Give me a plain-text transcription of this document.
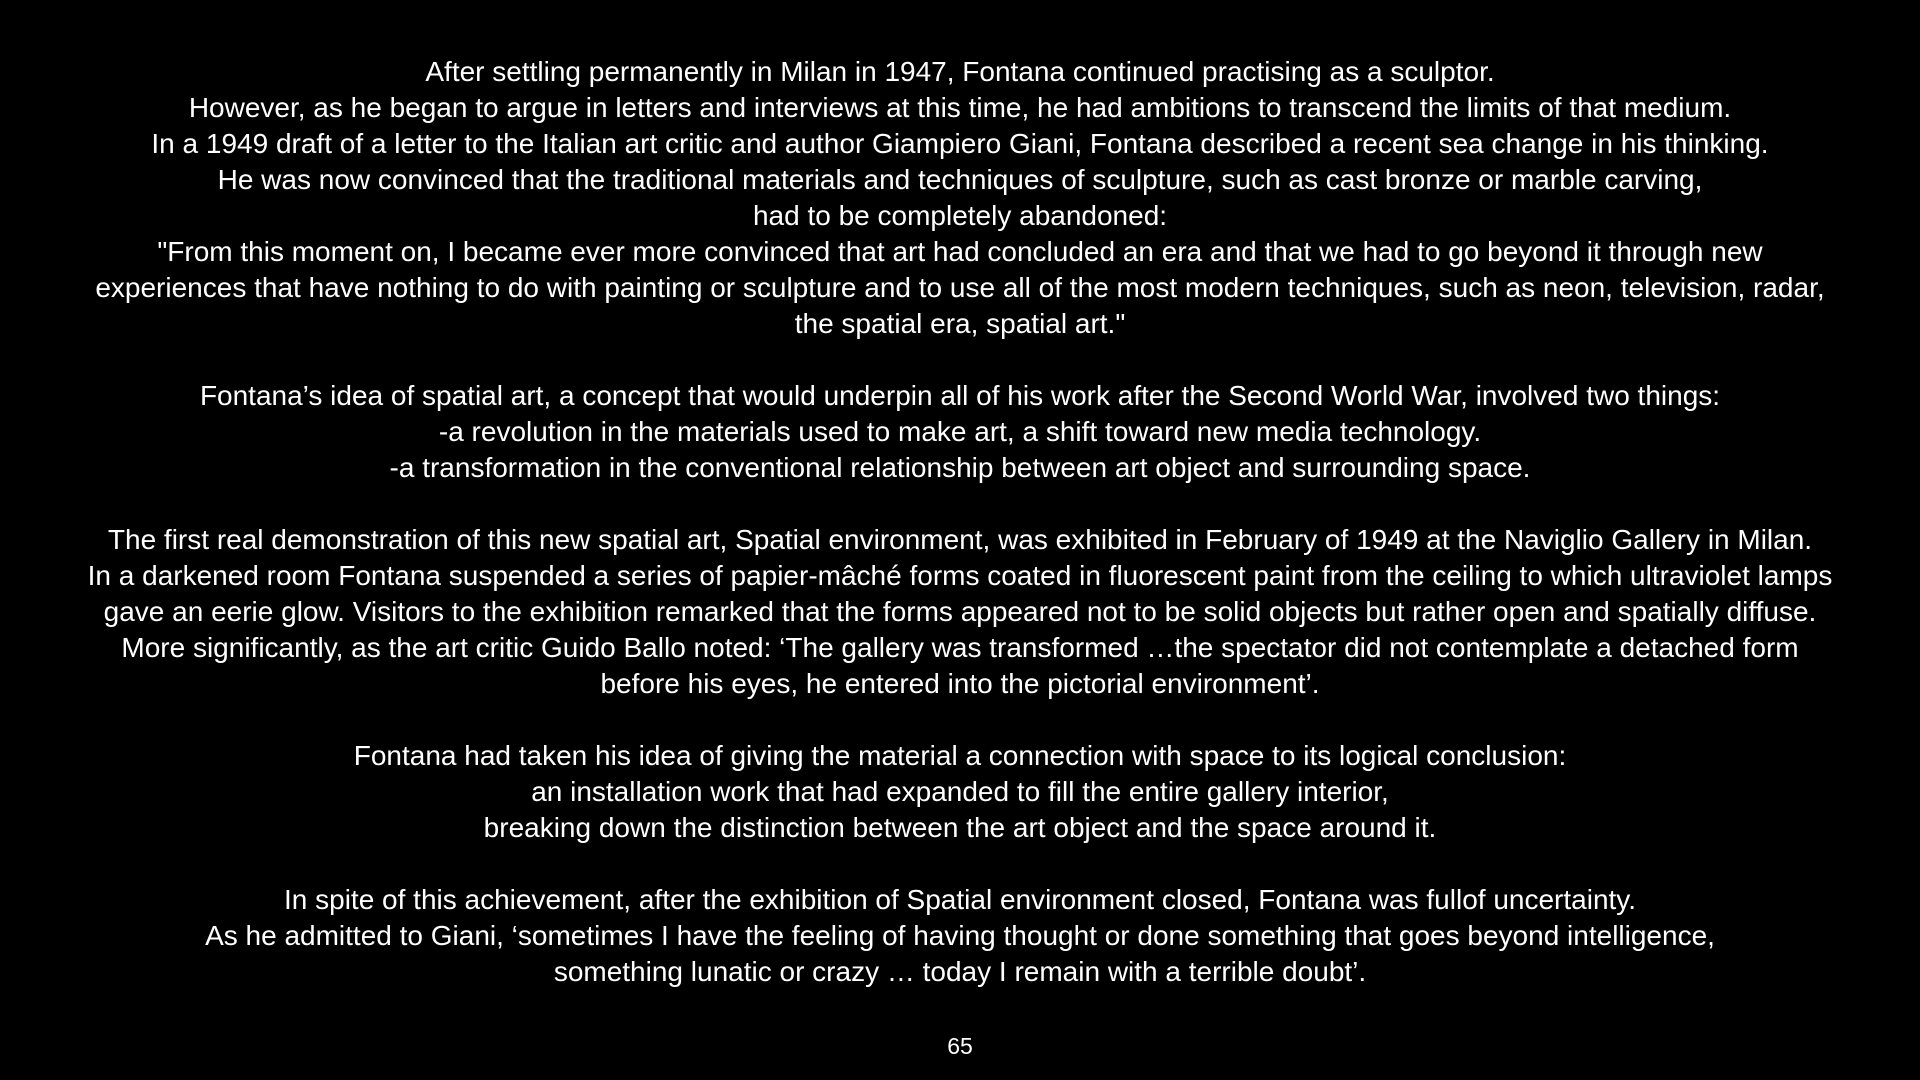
After settling permanently in Milan in 1947, Fontana continued practising as a sculptor.
However, as he began to argue in letters and interviews at this time, he had ambitions to transcend the limits of that medium.
In a 1949 draft of a letter to the Italian art critic and author Giampiero Giani, Fontana described a recent sea change in his thinking.
He was now convinced that the traditional materials and techniques of sculpture, such as cast bronze or marble carving,
had to be completely abandoned:
"From this moment on, I became ever more convinced that art had concluded an era and that we had to go beyond it through new
experiences that have nothing to do with painting or sculpture and to use all of the most modern techniques, such as neon, television, radar,
the spatial era, spatial art."

Fontana’s idea of spatial art, a concept that would underpin all of his work after the Second World War, involved two things:
-a revolution in the materials used to make art, a shift toward new media technology.
-a transformation in the conventional relationship between art object and surrounding space.

The first real demonstration of this new spatial art, Spatial environment, was exhibited in February of 1949 at the Naviglio Gallery in Milan.
In a darkened room Fontana suspended a series of papier-mâché forms coated in fluorescent paint from the ceiling to which ultraviolet lamps
gave an eerie glow. Visitors to the exhibition remarked that the forms appeared not to be solid objects but rather open and spatially diffuse.
More significantly, as the art critic Guido Ballo noted: ‘The gallery was transformed …the spectator did not contemplate a detached form
before his eyes, he entered into the pictorial environment’.

Fontana had taken his idea of giving the material a connection with space to its logical conclusion:
an installation work that had expanded to fill the entire gallery interior,
breaking down the distinction between the art object and the space around it.

In spite of this achievement, after the exhibition of Spatial environment closed, Fontana was fullof uncertainty.
As he admitted to Giani, ‘sometimes I have the feeling of having thought or done something that goes beyond intelligence,
something lunatic or crazy … today I remain with a terrible doubt’.

65
